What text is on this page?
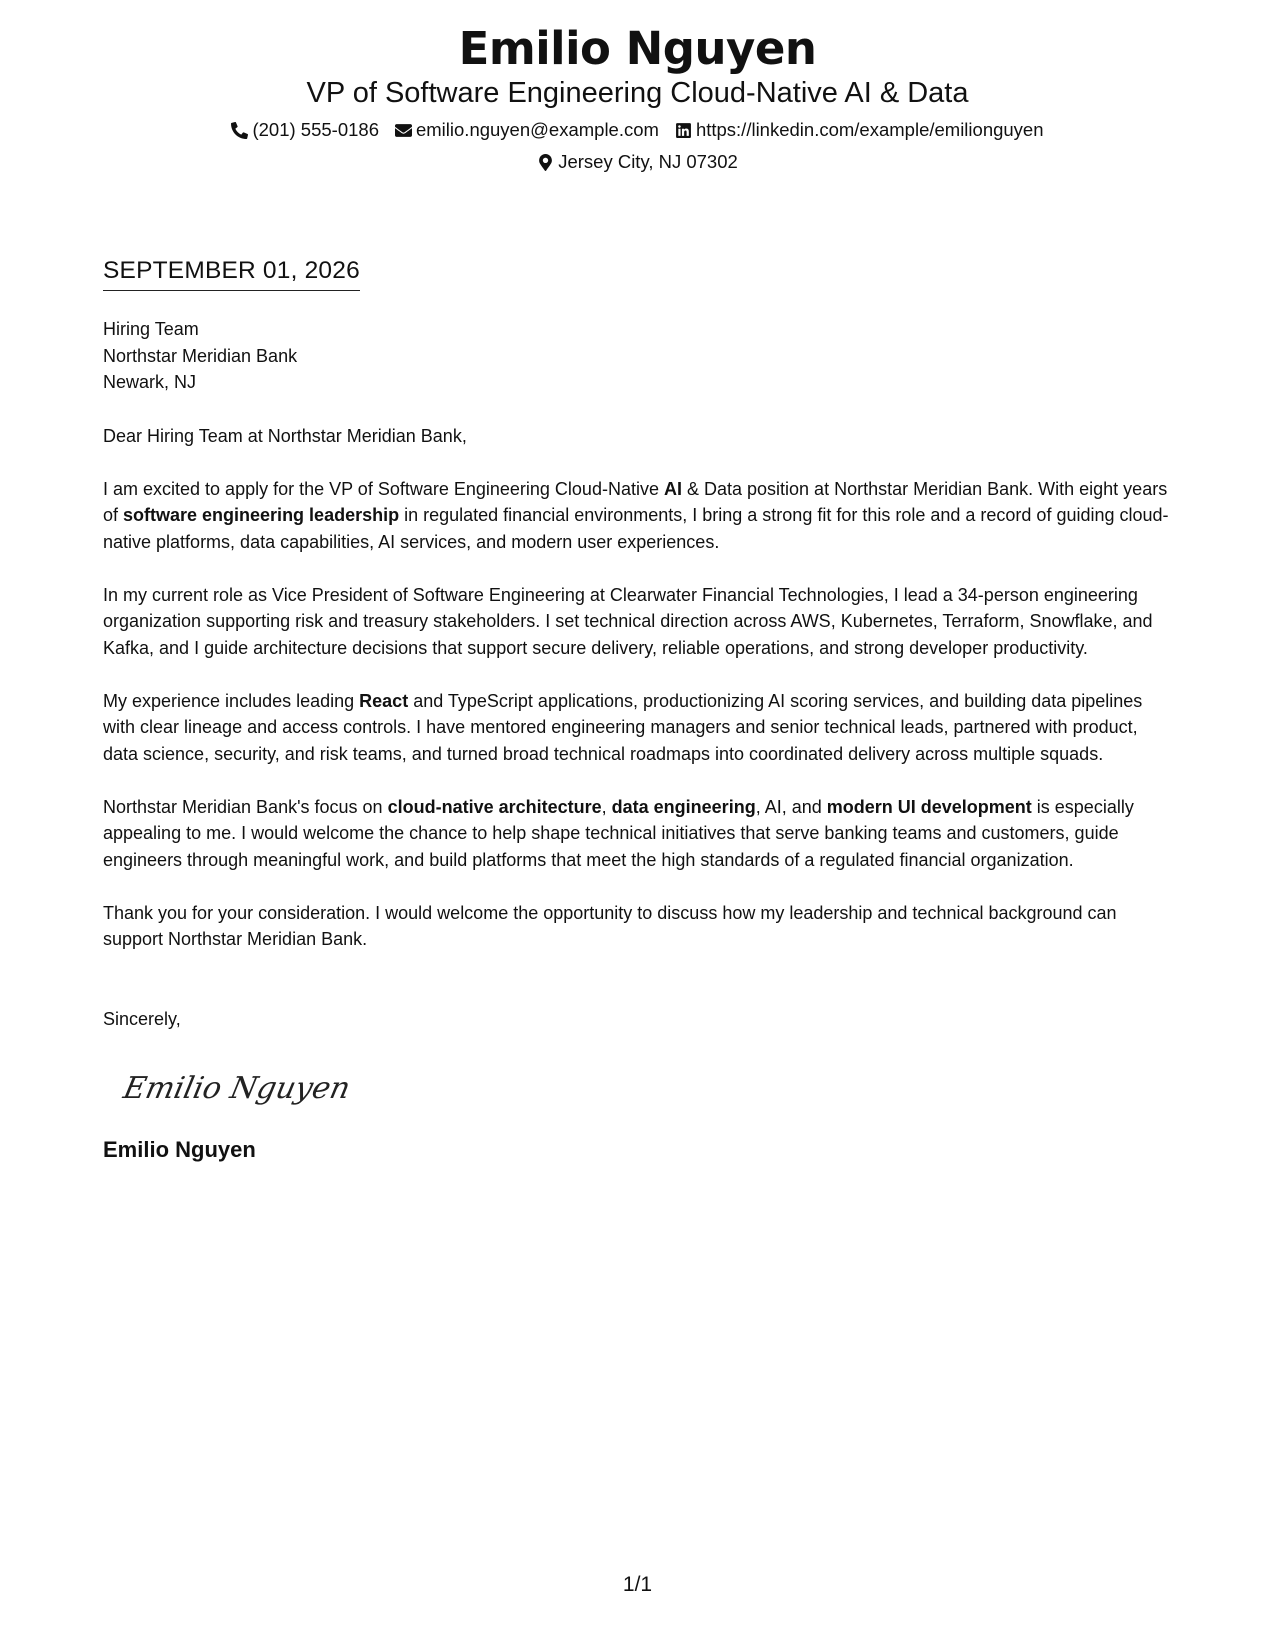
Emilio Nguyen
VP of Software Engineering Cloud-Native AI & Data
(201) 555-0186 emilio.nguyen@example.com https://linkedin.com/example/emilionguyen
Jersey City, NJ 07302
SEPTEMBER 01, 2026

Hiring Team

Northstar Meridian Bank

Newark, NJ

Dear Hiring Team at Northstar Meridian Bank,

I am excited to apply for the VP of Software Engineering Cloud-Native AI & Data position at Northstar Meridian Bank. With eight years of software engineering leadership in regulated financial environments, I bring a strong fit for this role and a record of guiding cloud-native platforms, data capabilities, AI services, and modern user experiences.

In my current role as Vice President of Software Engineering at Clearwater Financial Technologies, I lead a 34-person engineering organization supporting risk and treasury stakeholders. I set technical direction across AWS, Kubernetes, Terraform, Snowflake, and Kafka, and I guide architecture decisions that support secure delivery, reliable operations, and strong developer productivity.

My experience includes leading React and TypeScript applications, productionizing AI scoring services, and building data pipelines with clear lineage and access controls. I have mentored engineering managers and senior technical leads, partnered with product, data science, security, and risk teams, and turned broad technical roadmaps into coordinated delivery across multiple squads.

Northstar Meridian Bank's focus on cloud-native architecture, data engineering, AI, and modern UI development is especially appealing to me. I would welcome the chance to help shape technical initiatives that serve banking teams and customers, guide engineers through meaningful work, and build platforms that meet the high standards of a regulated financial organization.

Thank you for your consideration. I would welcome the opportunity to discuss how my leadership and technical background can support Northstar Meridian Bank.

Sincerely,

Emilio Nguyen

Emilio Nguyen

1/1
